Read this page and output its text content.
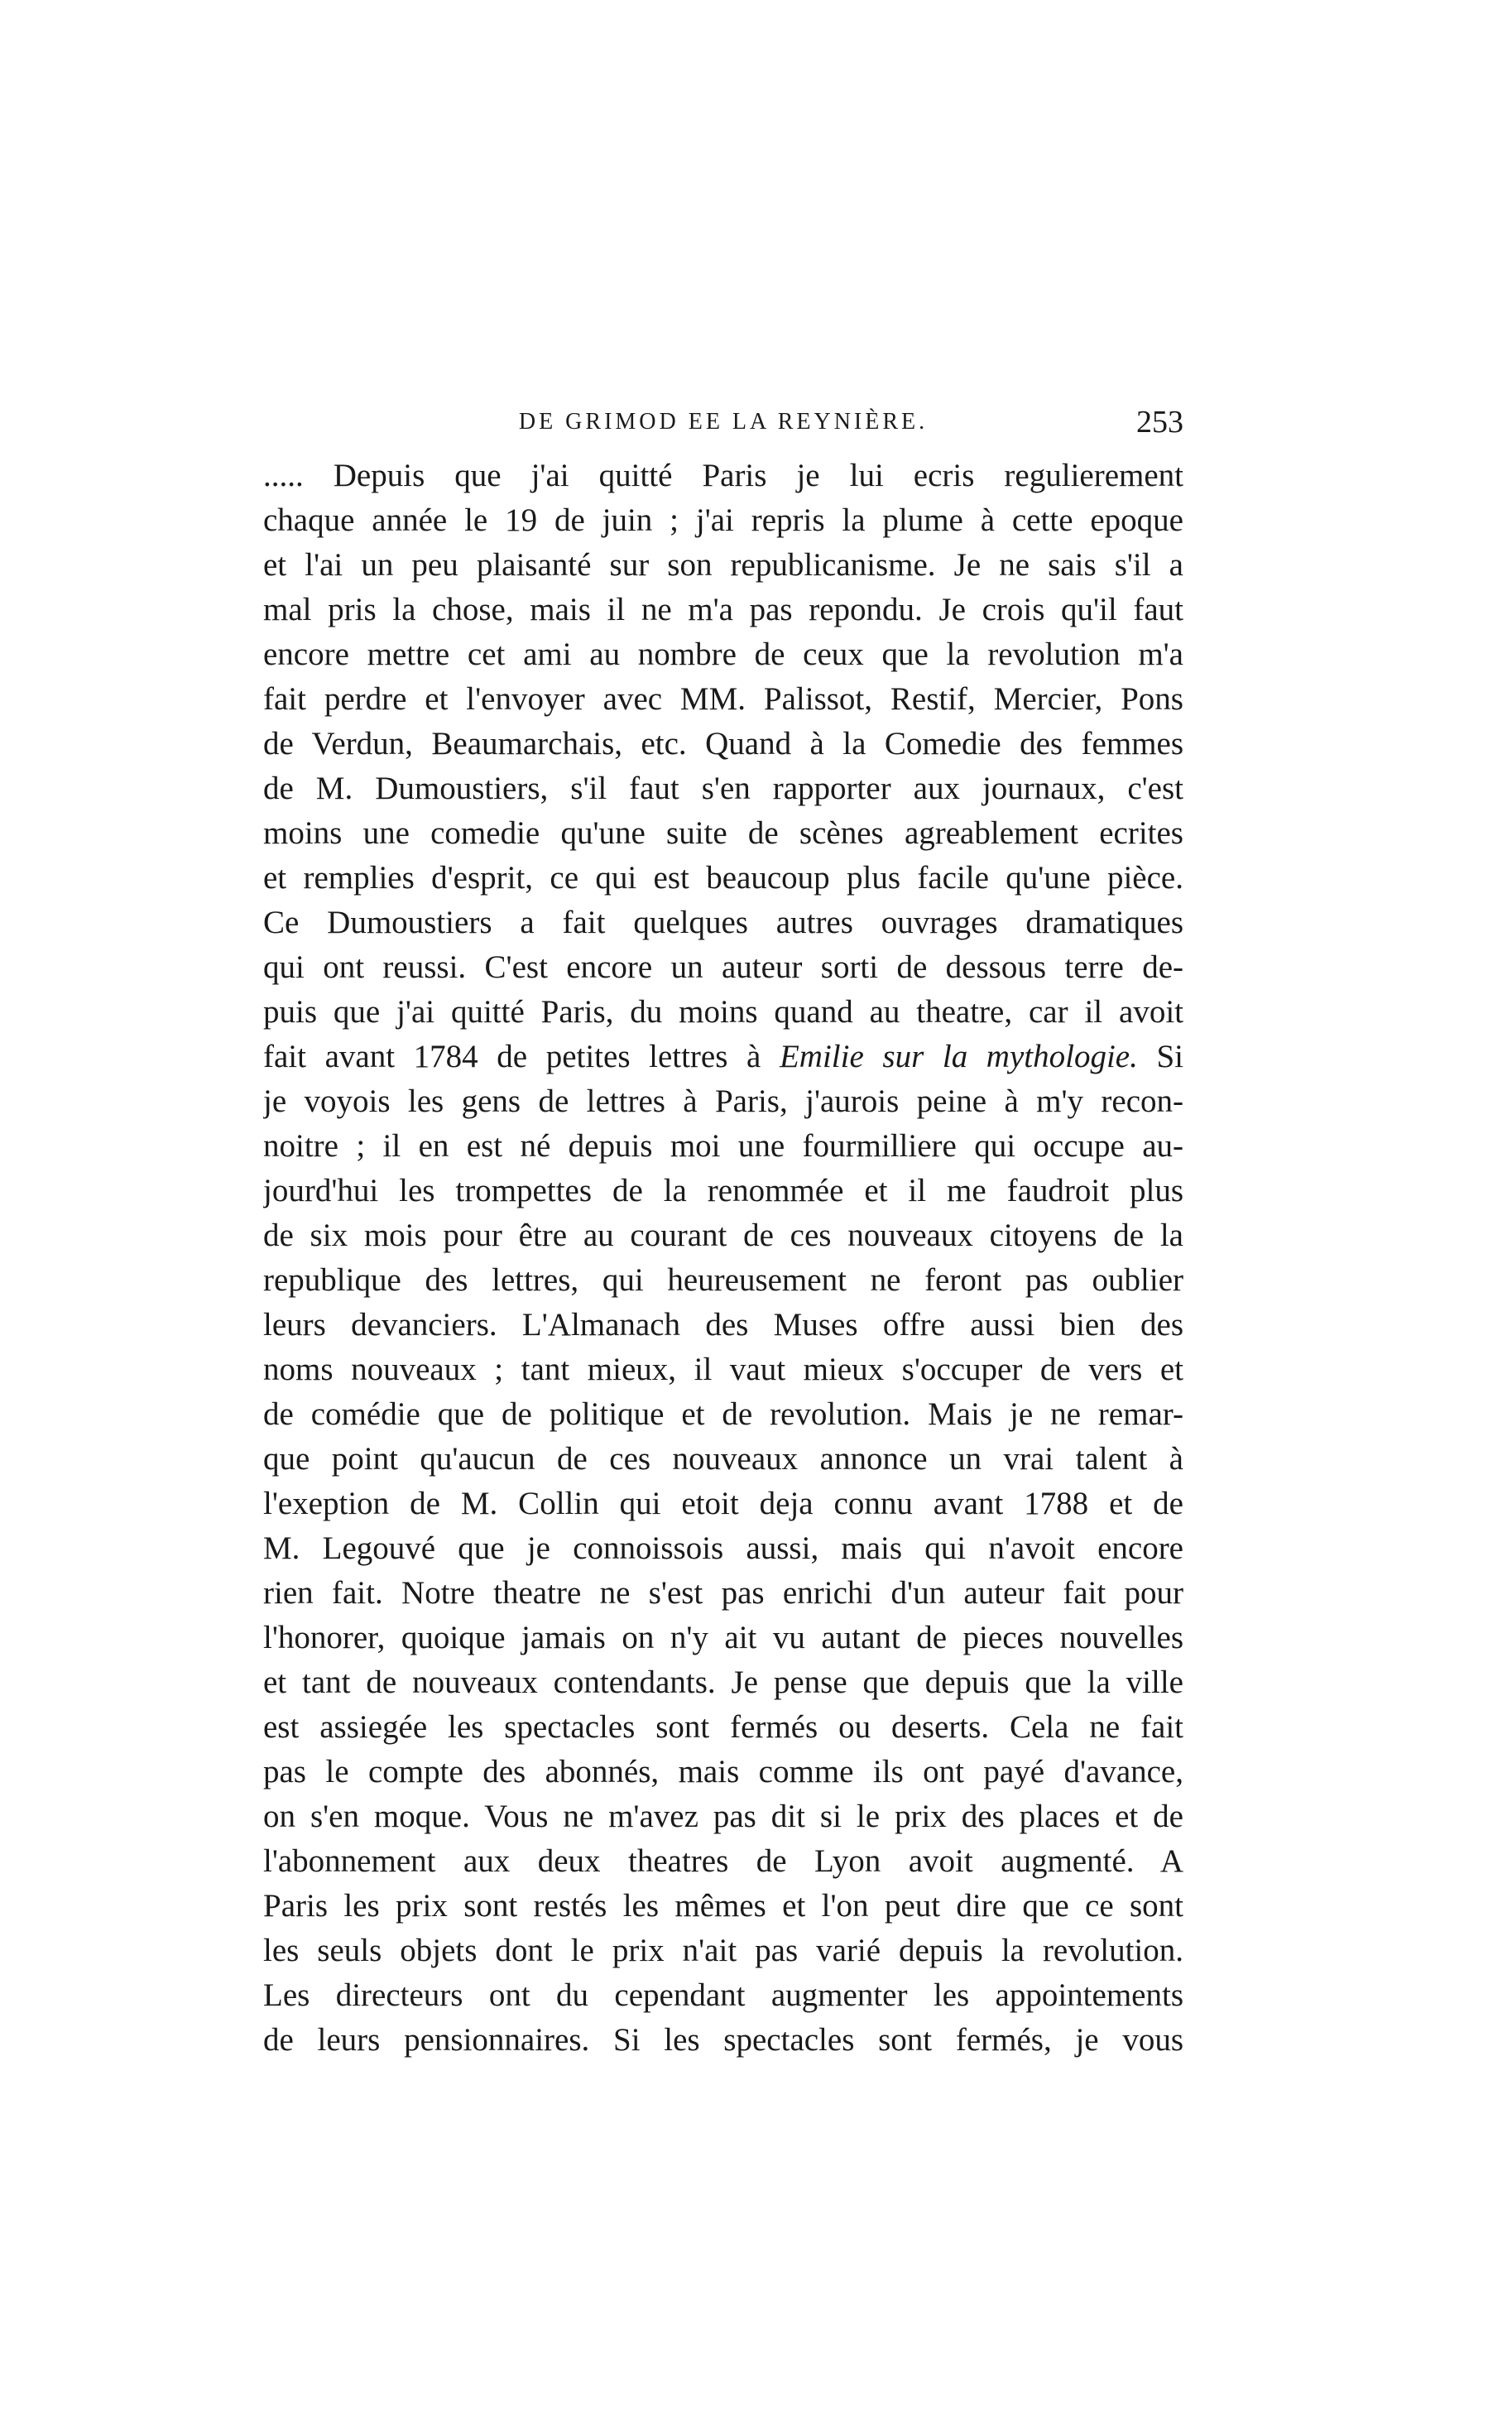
DE GRIMOD EE LA REYNIÈRE.	253
..... Depuis que j'ai quitté Paris je lui ecris regulierement
chaque année le 19 de juin ; j'ai repris la plume à cette epoque
et l'ai un peu plaisanté sur son republicanisme. Je ne sais s'il a
mal pris la chose, mais il ne m'a pas repondu. Je crois qu'il faut
encore mettre cet ami au nombre de ceux que la revolution m'a
fait perdre et l'envoyer avec MM. Palissot, Restif, Mercier, Pons
de Verdun, Beaumarchais, etc. Quand à la Comedie des femmes
de M. Dumoustiers, s'il faut s'en rapporter aux journaux, c'est
moins une comedie qu'une suite de scènes agreablement ecrites
et remplies d'esprit, ce qui est beaucoup plus facile qu'une pièce.
Ce Dumoustiers a fait quelques autres ouvrages dramatiques
qui ont reussi. C'est encore un auteur sorti de dessous terre de-
puis que j'ai quitté Paris, du moins quand au theatre, car il avoit
fait avant 1784 de petites lettres à Emilie sur la mythologie. Si
je voyois les gens de lettres à Paris, j'aurois peine à m'y recon-
noitre ; il en est né depuis moi une fourmilliere qui occupe au-
jourd'hui les trompettes de la renommée et il me faudroit plus
de six mois pour être au courant de ces nouveaux citoyens de la
republique des lettres, qui heureusement ne feront pas oublier
leurs devanciers. L'Almanach des Muses offre aussi bien des
noms nouveaux ; tant mieux, il vaut mieux s'occuper de vers et
de comédie que de politique et de revolution. Mais je ne remar-
que point qu'aucun de ces nouveaux annonce un vrai talent à
l'exeption de M. Collin qui etoit deja connu avant 1788 et de
M. Legouvé que je connoissois aussi, mais qui n'avoit encore
rien fait. Notre theatre ne s'est pas enrichi d'un auteur fait pour
l'honorer, quoique jamais on n'y ait vu autant de pieces nouvelles
et tant de nouveaux contendants. Je pense que depuis que la ville
est assiegée les spectacles sont fermés ou deserts. Cela ne fait
pas le compte des abonnés, mais comme ils ont payé d'avance,
on s'en moque. Vous ne m'avez pas dit si le prix des places et de
l'abonnement aux deux theatres de Lyon avoit augmenté. A
Paris les prix sont restés les mêmes et l'on peut dire que ce sont
les seuls objets dont le prix n'ait pas varié depuis la revolution.
Les directeurs ont du cependant augmenter les appointements
de leurs pensionnaires. Si les spectacles sont fermés, je vous
